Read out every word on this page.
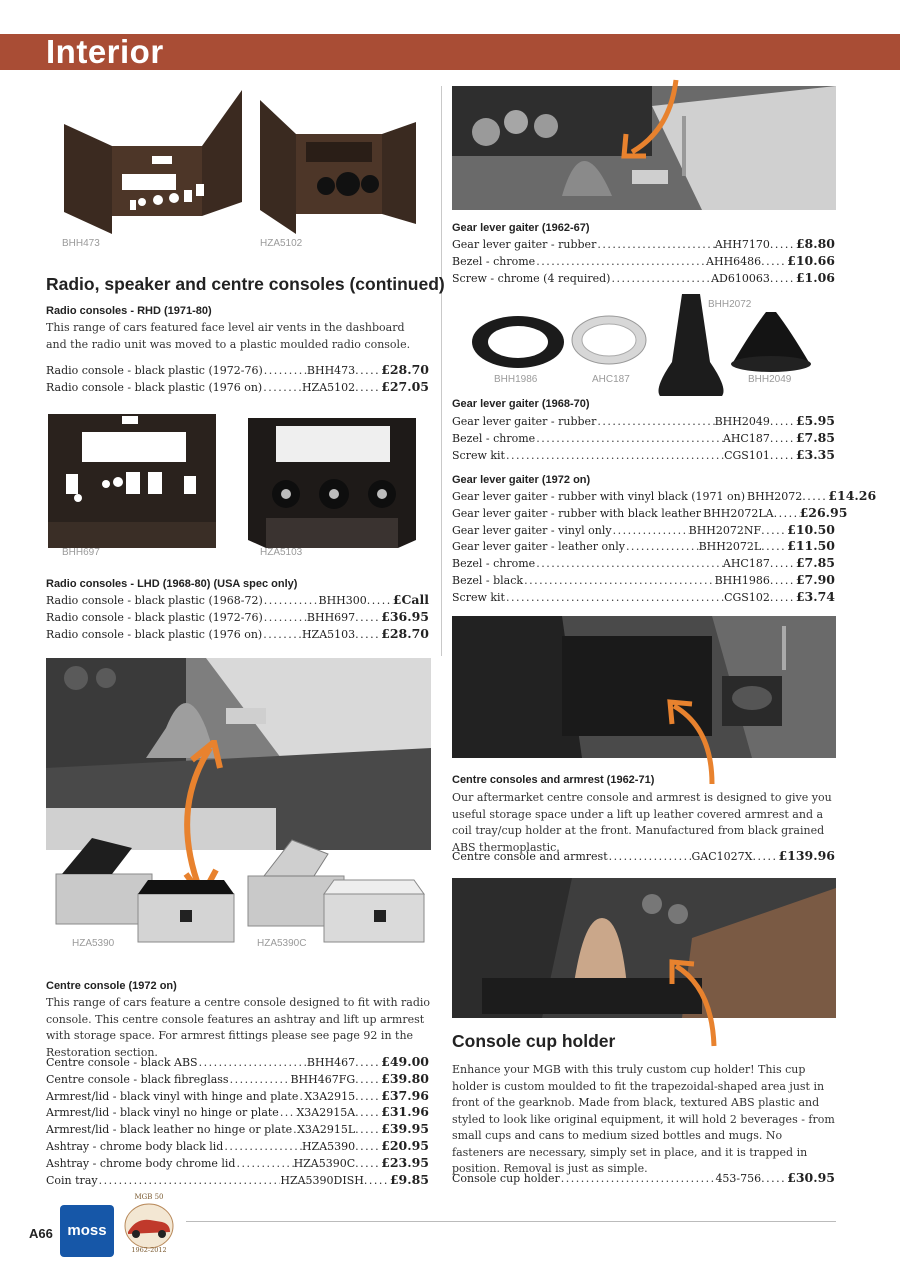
Interior
BHH473	HZA5102
Radio, speaker and centre consoles (continued)
Radio consoles - RHD (1971-80)
This range of cars featured face level air vents in the dashboard and the radio unit was moved to a plastic moulded radio console.
Radio console - black plastic (1972-76) .....	BHH473 ..... £28.70
Radio console - black plastic (1976 on) .....	HZA5102 ..... £27.05
BHH697	HZA5103
Radio consoles - LHD (1968-80) (USA spec only)
Radio console - black plastic (1968-72) .....	BHH300 ..... £Call
Radio console - black plastic (1972-76) .....	BHH697 ..... £36.95
Radio console - black plastic (1976 on) .....	HZA5103 ..... £28.70
HZA5390	HZA5390C
Centre console (1972 on)
This range of cars feature a centre console designed to fit with radio console. This centre console features an ashtray and lift up armrest with storage space. For armrest fittings please see page 92 in the Restoration section.
Centre console - black ABS .....	BHH467 ..... £49.00
Centre console - black fibreglass .....	BHH467FG ..... £39.80
Armrest/lid - black vinyl with hinge and plate ..... X3A2915 ..... £37.96
Armrest/lid - black vinyl no hinge or plate ..... X3A2915A ..... £31.96
Armrest/lid - black leather no hinge or plate ..... X3A2915L ..... £39.95
Ashtray - chrome body black lid .....	HZA5390 ..... £20.95
Ashtray - chrome body chrome lid .....	HZA5390C ..... £23.95
Coin tray .....	HZA5390DISH ..... £9.85
Gear lever gaiter (1962-67)
Gear lever gaiter - rubber .....	AHH7170 ..... £8.80
Bezel - chrome .....	AHH6486 ..... £10.66
Screw - chrome (4 required) .....	AD610063 ..... £1.06
BHH2072
BHH1986	AHC187	BHH2049
Gear lever gaiter (1968-70)
Gear lever gaiter - rubber .....	BHH2049 ..... £5.95
Bezel - chrome .....	AHC187 ..... £7.85
Screw kit .....	CGS101 ..... £3.35
Gear lever gaiter (1972 on)
Gear lever gaiter - rubber with vinyl black (1971 on) ..... BHH2072 ..... £14.26
Gear lever gaiter - rubber with black leather ..... BHH2072LA ..... £26.95
Gear lever gaiter - vinyl only .....	BHH2072NF ..... £10.50
Gear lever gaiter - leather only .....	BHH2072L ..... £11.50
Bezel - chrome .....	AHC187 ..... £7.85
Bezel - black .....	BHH1986 ..... £7.90
Screw kit .....	CGS102 ..... £3.74
Centre consoles and armrest (1962-71)
Our aftermarket centre console and armrest is designed to give you useful storage space under a lift up leather covered armrest and a coil tray/cup holder at the front. Manufactured from black grained ABS thermoplastic.
Centre console and armrest .....	GAC1027X ..... £139.96
Console cup holder
Enhance your MGB with this truly custom cup holder! This cup holder is custom moulded to fit the trapezoidal-shaped area just in front of the gearknob. Made from black, textured ABS plastic and styled to look like original equipment, it will hold 2 beverages - from small cups and cans to medium sized bottles and mugs. No fasteners are necessary, simply set in place, and it is trapped in position. Removal is just as simple.
Console cup holder .....	453-756 ..... £30.95
A66 moss
MGB 50
1962-2012
